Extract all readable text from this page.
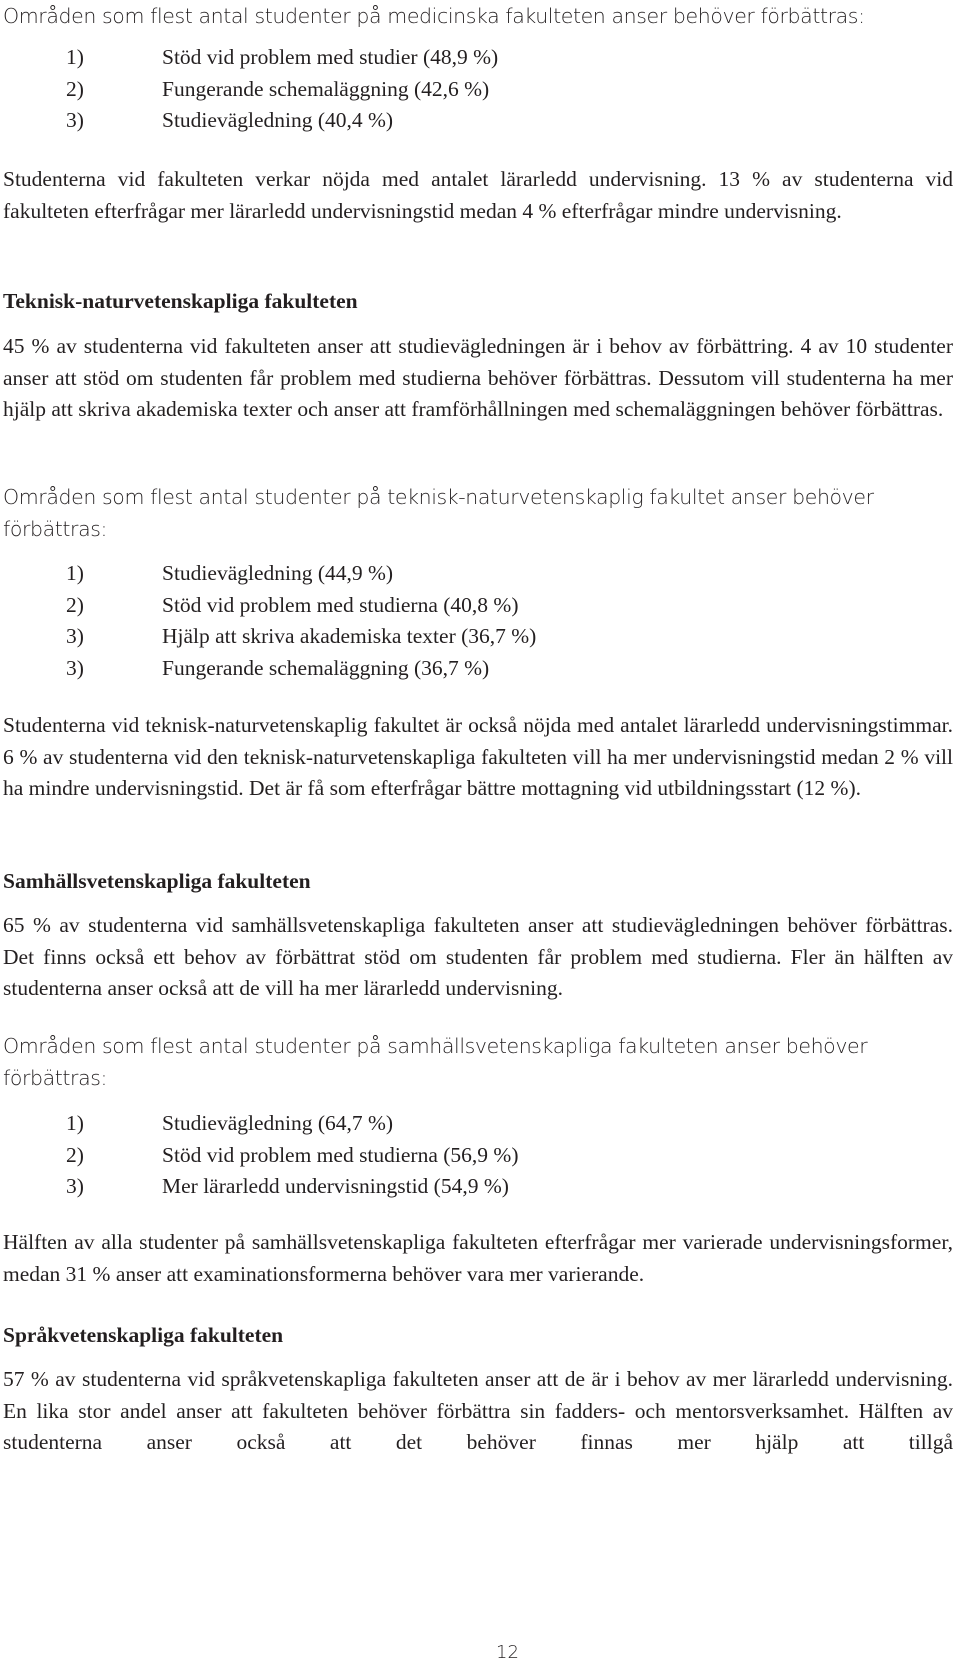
Områden som flest antal studenter på medicinska fakulteten anser behöver förbättras:

1)	Stöd vid problem med studier (48,9 %)
2)	Fungerande schemaläggning (42,6 %)
3)	Studievägledning (40,4 %)

Studenterna vid fakulteten verkar nöjda med antalet lärarledd undervisning. 13 % av studenterna vid fakulteten efterfrågar mer lärarledd undervisningstid medan 4 % efterfrågar mindre undervisning.

Teknisk-naturvetenskapliga fakulteten

45 % av studenterna vid fakulteten anser att studievägledningen är i behov av förbättring. 4 av 10 studenter anser att stöd om studenten får problem med studierna behöver förbättras. Dessutom vill studenterna ha mer hjälp att skriva akademiska texter och anser att framförhållningen med schemaläggningen behöver förbättras.

Områden som flest antal studenter på teknisk-naturvetenskaplig fakultet anser behöver förbättras:

1)	Studievägledning (44,9 %)
2)	Stöd vid problem med studierna (40,8 %)
3)	Hjälp att skriva akademiska texter (36,7 %)
3)	Fungerande schemaläggning (36,7 %)

Studenterna vid teknisk-naturvetenskaplig fakultet är också nöjda med antalet lärarledd undervisningstimmar. 6 % av studenterna vid den teknisk-naturvetenskapliga fakulteten vill ha mer undervisningstid medan 2 % vill ha mindre undervisningstid. Det är få som efterfrågar bättre mottagning vid utbildningsstart (12 %).

Samhällsvetenskapliga fakulteten

65 % av studenterna vid samhällsvetenskapliga fakulteten anser att studievägledningen behöver förbättras. Det finns också ett behov av förbättrat stöd om studenten får problem med studierna. Fler än hälften av studenterna anser också att de vill ha mer lärarledd undervisning.

Områden som flest antal studenter på samhällsvetenskapliga fakulteten anser behöver förbättras:

1)	Studievägledning (64,7 %)
2)	Stöd vid problem med studierna (56,9 %)
3)	Mer lärarledd undervisningstid (54,9 %)

Hälften av alla studenter på samhällsvetenskapliga fakulteten efterfrågar mer varierade undervisningsformer, medan 31 % anser att examinationsformerna behöver vara mer varierande.

Språkvetenskapliga fakulteten

57 % av studenterna vid språkvetenskapliga fakulteten anser att de är i behov av mer lärarledd undervisning. En lika stor andel anser att fakulteten behöver förbättra sin fadders- och mentorsverksamhet. Hälften av studenterna anser också att det behöver finnas mer hjälp att tillgå

12
